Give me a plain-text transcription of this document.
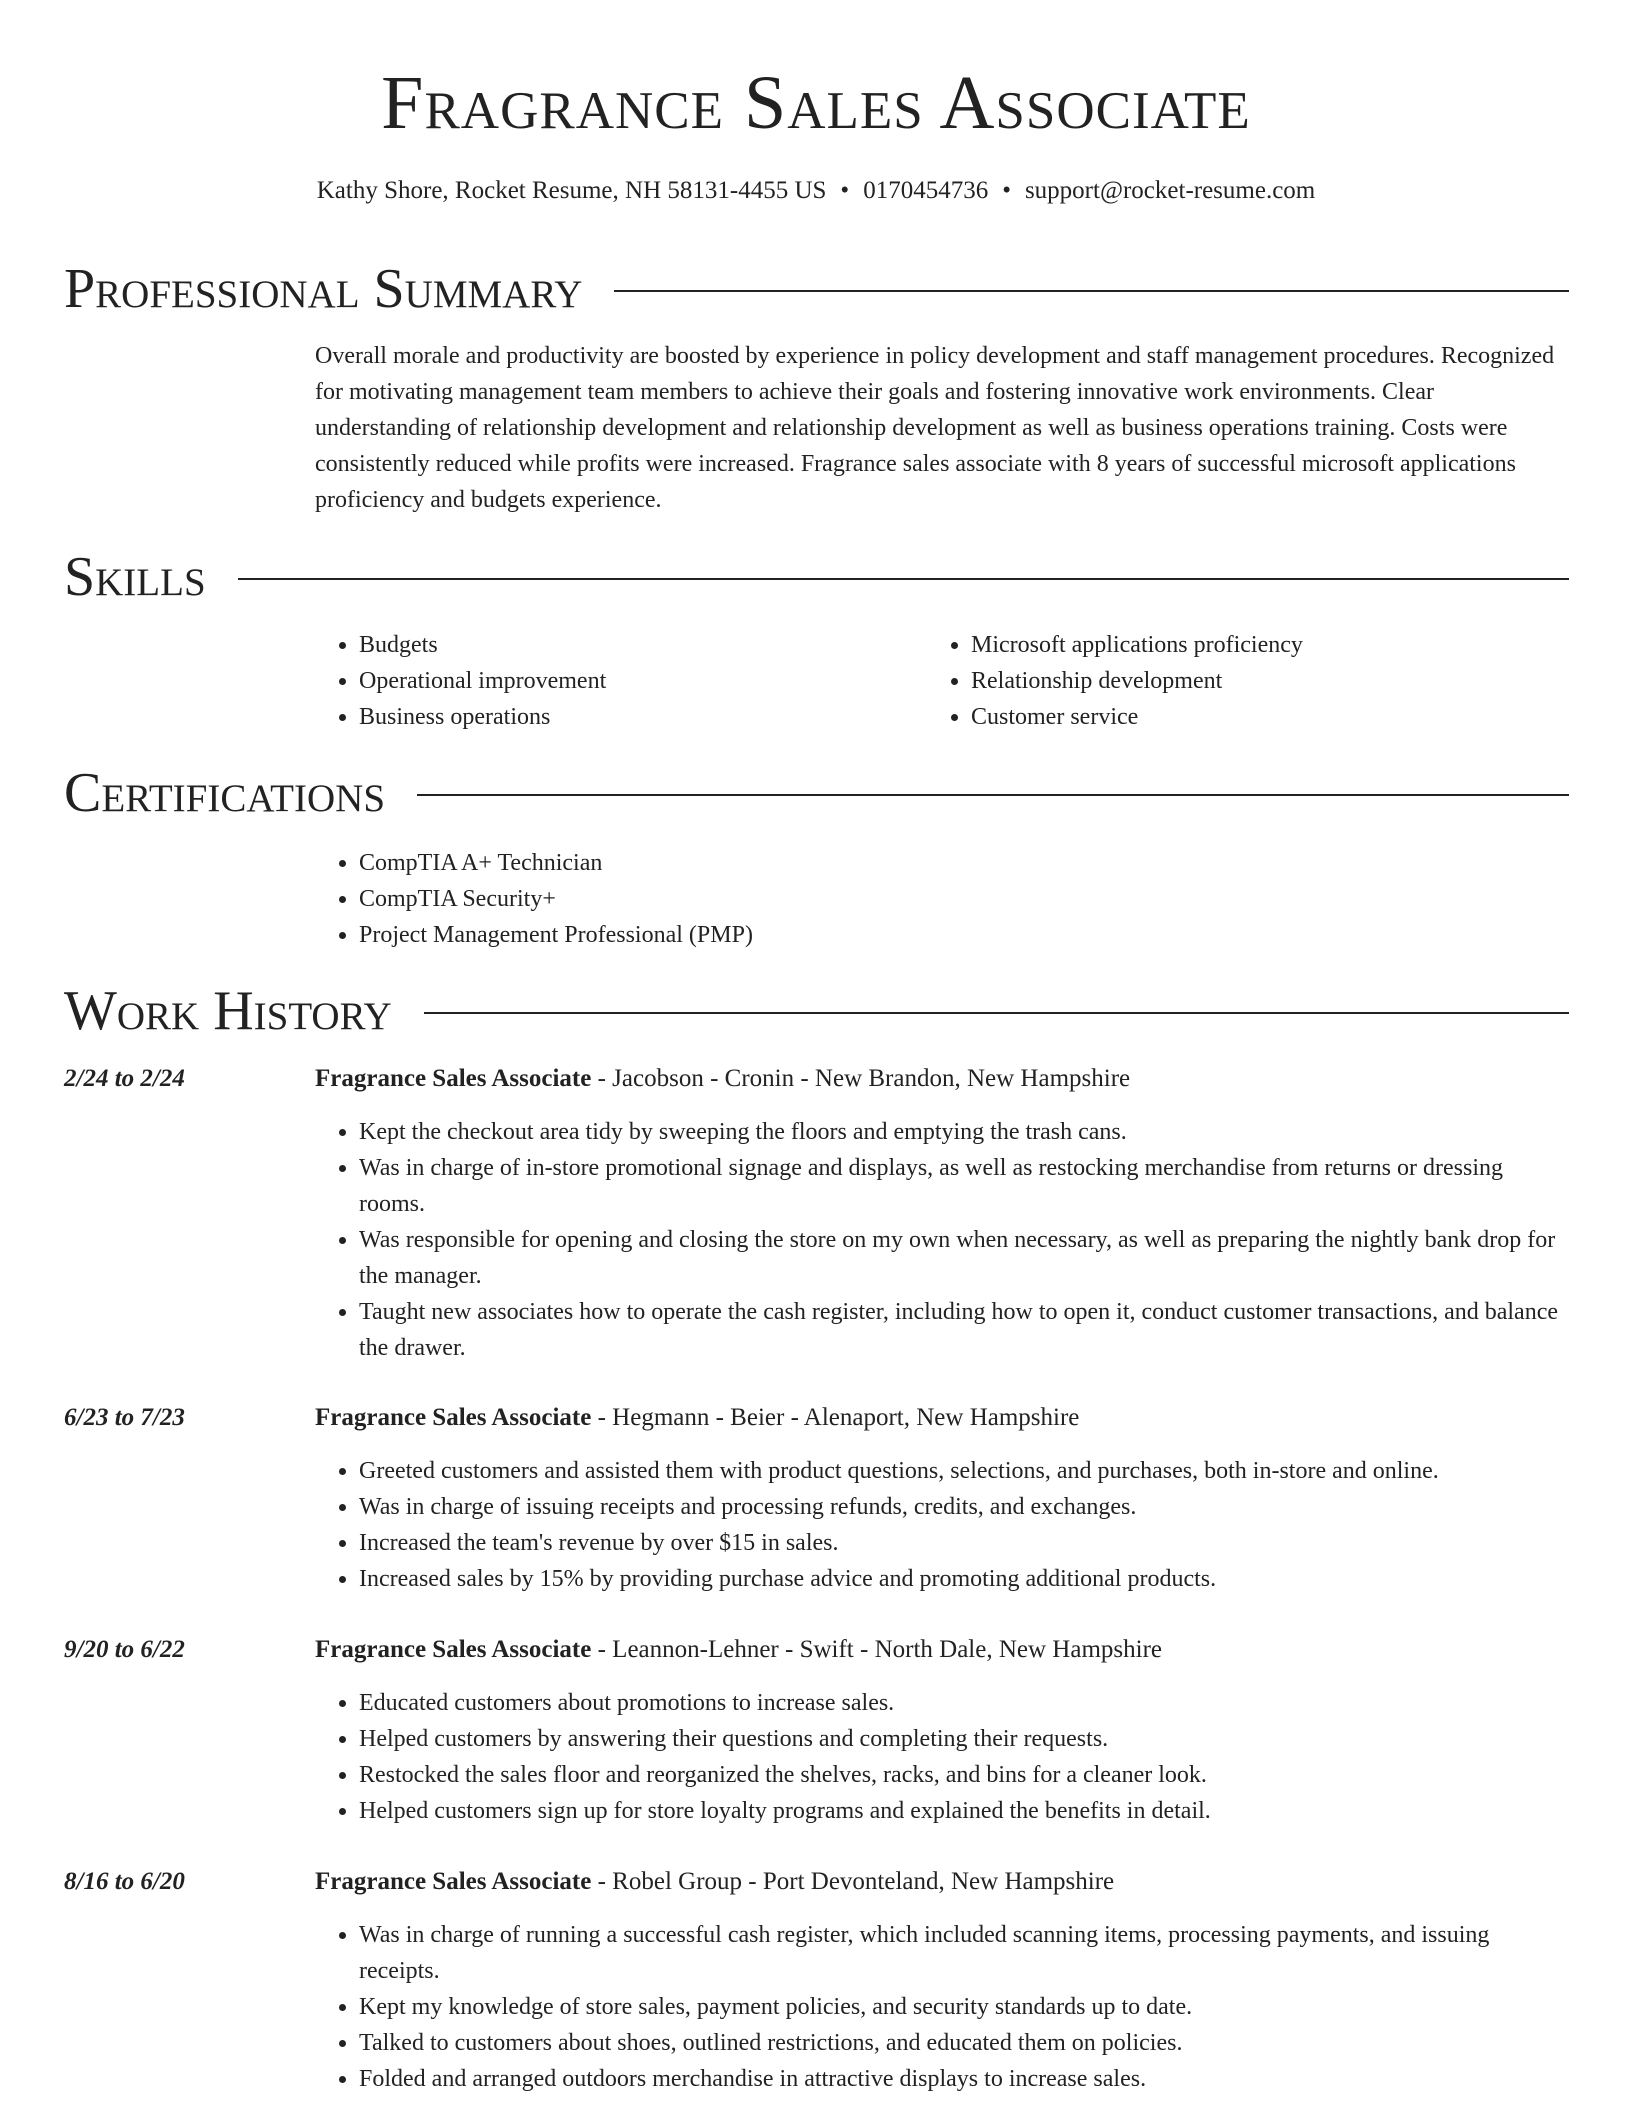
Fragrance Sales Associate
Kathy Shore, Rocket Resume, NH 58131-4455 US • 0170454736 • support@rocket-resume.com
Professional Summary

Overall morale and productivity are boosted by experience in policy development and staff management procedures. Recognized for motivating management team members to achieve their goals and fostering innovative work environments. Clear understanding of relationship development and relationship development as well as business operations training. Costs were consistently reduced while profits were increased. Fragrance sales associate with 8 years of successful microsoft applications proficiency and budgets experience.

Skills
• Budgets
• Operational improvement
• Business operations
• Microsoft applications proficiency
• Relationship development
• Customer service
Certifications
• CompTIA A+ Technician
• CompTIA Security+
• Project Management Professional (PMP)
Work History
2/24 to 2/24	Fragrance Sales Associate - Jacobson - Cronin - New Brandon, New Hampshire
• Kept the checkout area tidy by sweeping the floors and emptying the trash cans.
• Was in charge of in-store promotional signage and displays, as well as restocking merchandise from returns or dressing rooms.
• Was responsible for opening and closing the store on my own when necessary, as well as preparing the nightly bank drop for the manager.
• Taught new associates how to operate the cash register, including how to open it, conduct customer transactions, and balance the drawer.
6/23 to 7/23	Fragrance Sales Associate - Hegmann - Beier - Alenaport, New Hampshire
• Greeted customers and assisted them with product questions, selections, and purchases, both in-store and online.
• Was in charge of issuing receipts and processing refunds, credits, and exchanges.
• Increased the team's revenue by over $15 in sales.
• Increased sales by 15% by providing purchase advice and promoting additional products.
9/20 to 6/22	Fragrance Sales Associate - Leannon-Lehner - Swift - North Dale, New Hampshire
• Educated customers about promotions to increase sales.
• Helped customers by answering their questions and completing their requests.
• Restocked the sales floor and reorganized the shelves, racks, and bins for a cleaner look.
• Helped customers sign up for store loyalty programs and explained the benefits in detail.
8/16 to 6/20	Fragrance Sales Associate - Robel Group - Port Devonteland, New Hampshire
• Was in charge of running a successful cash register, which included scanning items, processing payments, and issuing receipts.
• Kept my knowledge of store sales, payment policies, and security standards up to date.
• Talked to customers about shoes, outlined restrictions, and educated them on policies.
• Folded and arranged outdoors merchandise in attractive displays to increase sales.
